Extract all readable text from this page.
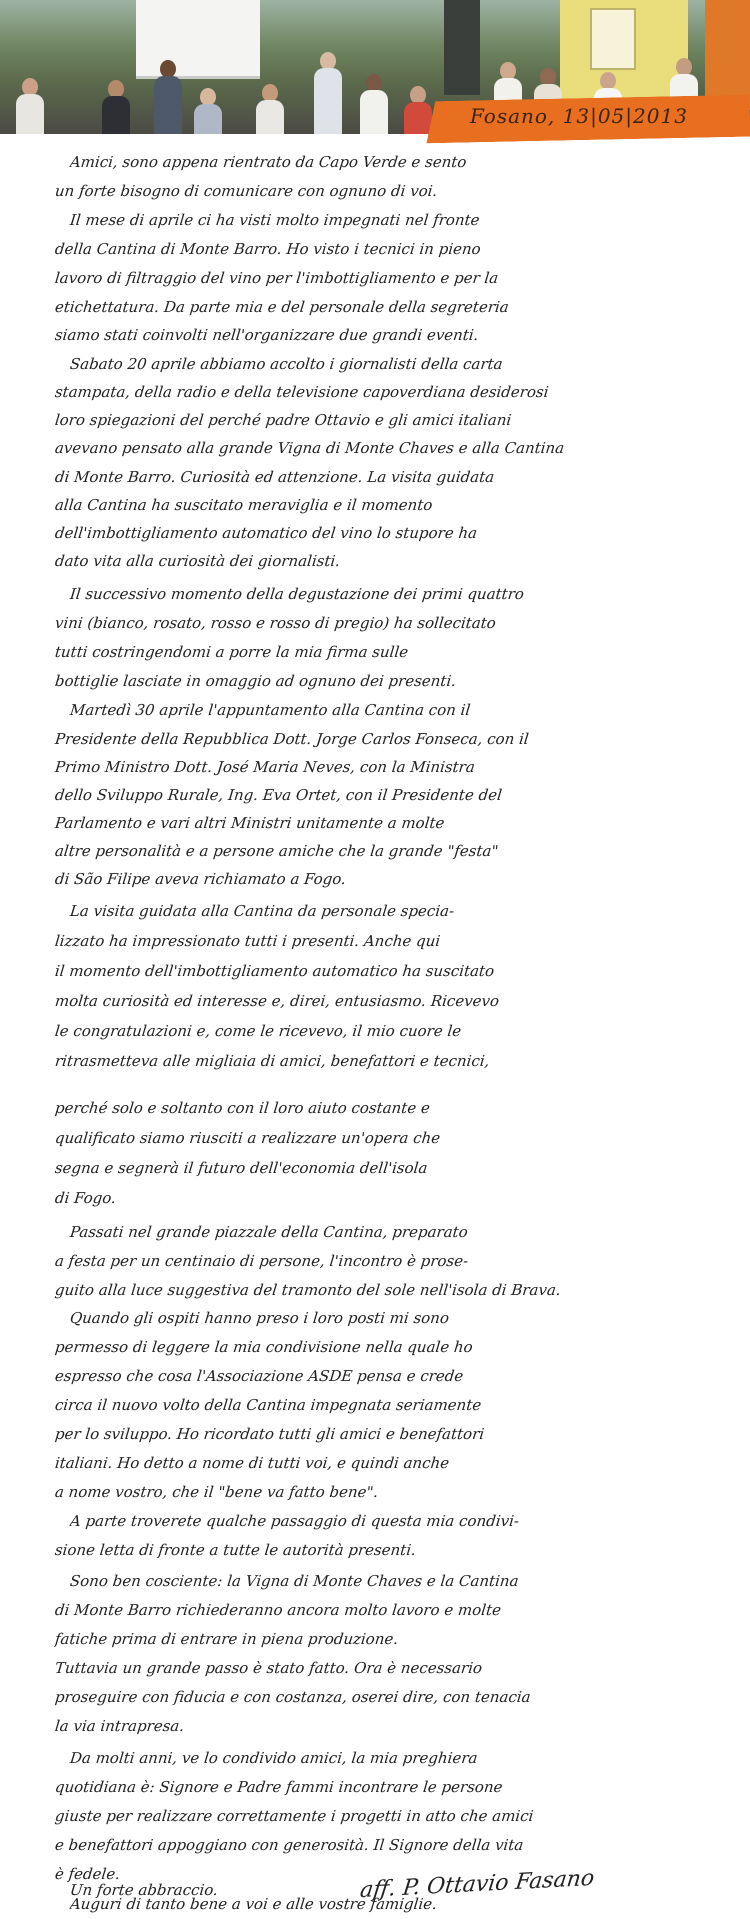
Fosano, 13|05|2013
Amici, sono appena rientrato da Capo Verde e sento
un forte bisogno di comunicare con ognuno di voi.
Il mese di aprile ci ha visti molto impegnati nel fronte
della Cantina di Monte Barro. Ho visto i tecnici in pieno
lavoro di filtraggio del vino per l'imbottigliamento e per la
etichettatura. Da parte mia e del personale della segreteria
siamo stati coinvolti nell'organizzare due grandi eventi.
Sabato 20 aprile abbiamo accolto i giornalisti della carta
stampata, della radio e della televisione capoverdiana desiderosi
loro spiegazioni del perché padre Ottavio e gli amici italiani
avevano pensato alla grande Vigna di Monte Chaves e alla Cantina
di Monte Barro. Curiosità ed attenzione. La visita guidata
alla Cantina ha suscitato meraviglia e il momento
dell'imbottigliamento automatico del vino lo stupore ha
dato vita alla curiosità dei giornalisti.
Il successivo momento della degustazione dei primi quattro
vini (bianco, rosato, rosso e rosso di pregio) ha sollecitato
tutti costringendomi a porre la mia firma sulle
bottiglie lasciate in omaggio ad ognuno dei presenti.
Martedì 30 aprile l'appuntamento alla Cantina con il
Presidente della Repubblica Dott. Jorge Carlos Fonseca, con il
Primo Ministro Dott. José Maria Neves, con la Ministra
dello Sviluppo Rurale, Ing. Eva Ortet, con il Presidente del
Parlamento e vari altri Ministri unitamente a molte
altre personalità e a persone amiche che la grande "festa"
di São Filipe aveva richiamato a Fogo.
La visita guidata alla Cantina da personale specia-
lizzato ha impressionato tutti i presenti. Anche qui
il momento dell'imbottigliamento automatico ha suscitato
molta curiosità ed interesse e, direi, entusiasmo. Ricevevo
le congratulazioni e, come le ricevevo, il mio cuore le
ritrasmetteva alle migliaia di amici, benefattori e tecnici,
perché solo e soltanto con il loro aiuto costante e
qualificato siamo riusciti a realizzare un'opera che
segna e segnerà il futuro dell'economia dell'isola
di Fogo.
Passati nel grande piazzale della Cantina, preparato
a festa per un centinaio di persone, l'incontro è prose-
guito alla luce suggestiva del tramonto del sole nell'isola di Brava.
Quando gli ospiti hanno preso i loro posti mi sono
permesso di leggere la mia condivisione nella quale ho
espresso che cosa l'Associazione ASDE pensa e crede
circa il nuovo volto della Cantina impegnata seriamente
per lo sviluppo. Ho ricordato tutti gli amici e benefattori
italiani. Ho detto a nome di tutti voi, e quindi anche
a nome vostro, che il "bene va fatto bene".
A parte troverete qualche passaggio di questa mia condivi-
sione letta di fronte a tutte le autorità presenti.
Sono ben cosciente: la Vigna di Monte Chaves e la Cantina
di Monte Barro richiederanno ancora molto lavoro e molte
fatiche prima di entrare in piena produzione.
Tuttavia un grande passo è stato fatto. Ora è necessario
proseguire con fiducia e con costanza, oserei dire, con tenacia
la via intrapresa.
Da molti anni, ve lo condivido amici, la mia preghiera
quotidiana è: Signore e Padre fammi incontrare le persone
giuste per realizzare correttamente i progetti in atto che amici
e benefattori appoggiano con generosità. Il Signore della vita
è fedele.
Auguri di tanto bene a voi e alle vostre famiglie.
Un forte abbraccio.	aff. P. Ottavio Fasano
